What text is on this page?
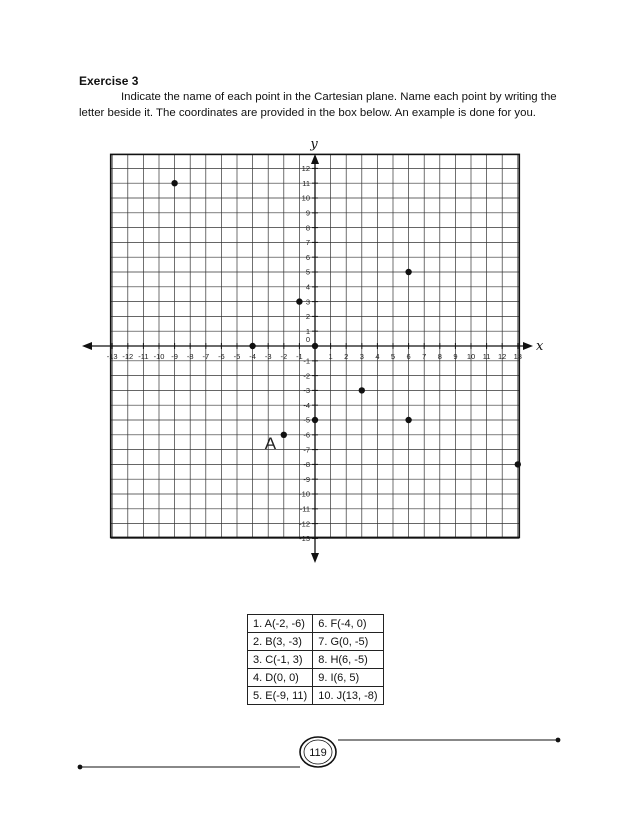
Exercise 3
Indicate the name of each point in the Cartesian plane. Name each point by writing the letter beside it. The coordinates are provided in the box below. An example is done for you.
x
y
-13 -12 -11 -10 -9 -8 -7 -6 -5 -4 -3 -2 -1	1 2 3 4 5 6 7 8 9 10 11 12 13
-13
-12
-11
-10
-9
-8
-7
-6
-5
-4
-3
-2
-1
1
2
3
4
5
6
7
8
9
10
11
12
0
A
1. A(-2, -6)	6. F(-4, 0)
2. B(3, -3)	7. G(0, -5)
3. C(-1, 3)	8. H(6, -5)
4. D(0, 0)	9. I(6, 5)
5. E(-9, 11)	10. J(13, -8)
119
